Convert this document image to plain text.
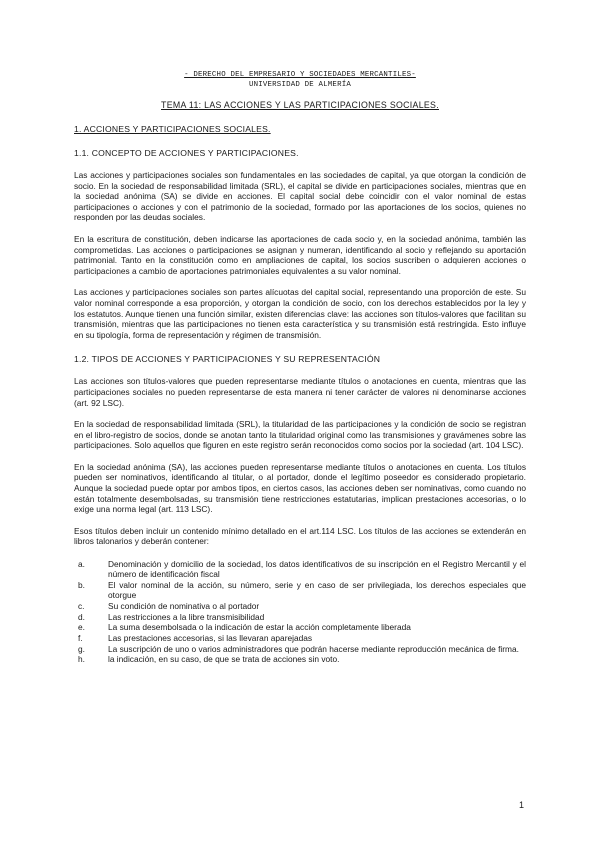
- DERECHO DEL EMPRESARIO Y SOCIEDADES MERCANTILES-
UNIVERSIDAD DE ALMERÍA
TEMA 11: LAS ACCIONES Y LAS PARTICIPACIONES SOCIALES.
1. ACCIONES Y PARTICIPACIONES SOCIALES.
1.1. CONCEPTO DE ACCIONES Y PARTICIPACIONES.
Las acciones y participaciones sociales son fundamentales en las sociedades de capital, ya que otorgan la condición de socio. En la sociedad de responsabilidad limitada (SRL), el capital se divide en participaciones sociales, mientras que en la sociedad anónima (SA) se divide en acciones. El capital social debe coincidir con el valor nominal de estas participaciones o acciones y con el patrimonio de la sociedad, formado por las aportaciones de los socios, quienes no responden por las deudas sociales.
En la escritura de constitución, deben indicarse las aportaciones de cada socio y, en la sociedad anónima, también las comprometidas. Las acciones o participaciones se asignan y numeran, identificando al socio y reflejando su aportación patrimonial. Tanto en la constitución como en ampliaciones de capital, los socios suscriben o adquieren acciones o participaciones a cambio de aportaciones patrimoniales equivalentes a su valor nominal.
Las acciones y participaciones sociales son partes alícuotas del capital social, representando una proporción de este. Su valor nominal corresponde a esa proporción, y otorgan la condición de socio, con los derechos establecidos por la ley y los estatutos. Aunque tienen una función similar, existen diferencias clave: las acciones son títulos-valores que facilitan su transmisión, mientras que las participaciones no tienen esta característica y su transmisión está restringida. Esto influye en su tipología, forma de representación y régimen de transmisión.
1.2. TIPOS DE ACCIONES Y PARTICIPACIONES Y SU REPRESENTACIÓN
Las acciones son títulos-valores que pueden representarse mediante títulos o anotaciones en cuenta, mientras que las participaciones sociales no pueden representarse de esta manera ni tener carácter de valores ni denominarse acciones (art. 92 LSC).
En la sociedad de responsabilidad limitada (SRL), la titularidad de las participaciones y la condición de socio se registran en el libro-registro de socios, donde se anotan tanto la titularidad original como las transmisiones y gravámenes sobre las participaciones. Solo aquellos que figuren en este registro serán reconocidos como socios por la sociedad (art. 104 LSC).
En la sociedad anónima (SA), las acciones pueden representarse mediante títulos o anotaciones en cuenta. Los títulos pueden ser nominativos, identificando al titular, o al portador, donde el legítimo poseedor es considerado propietario. Aunque la sociedad puede optar por ambos tipos, en ciertos casos, las acciones deben ser nominativas, como cuando no están totalmente desembolsadas, su transmisión tiene restricciones estatutarias, implican prestaciones accesorias, o lo exige una norma legal (art. 113 LSC).
Esos títulos deben incluir un contenido mínimo detallado en el art.114 LSC. Los títulos de las acciones se extenderán en libros talonarios y deberán contener:
a.	Denominación y domicilio de la sociedad, los datos identificativos de su inscripción en el Registro Mercantil y el número de identificación fiscal
b.	El valor nominal de la acción, su número, serie y en caso de ser privilegiada, los derechos especiales que otorgue
c.	Su condición de nominativa o al portador
d.	Las restricciones a la libre transmisibilidad
e.	La suma desembolsada o la indicación de estar la acción completamente liberada
f.	Las prestaciones accesorias, si las llevaran aparejadas
g.	La suscripción de uno o varios administradores que podrán hacerse mediante reproducción mecánica de firma.
h.	la indicación, en su caso, de que se trata de acciones sin voto.
1
